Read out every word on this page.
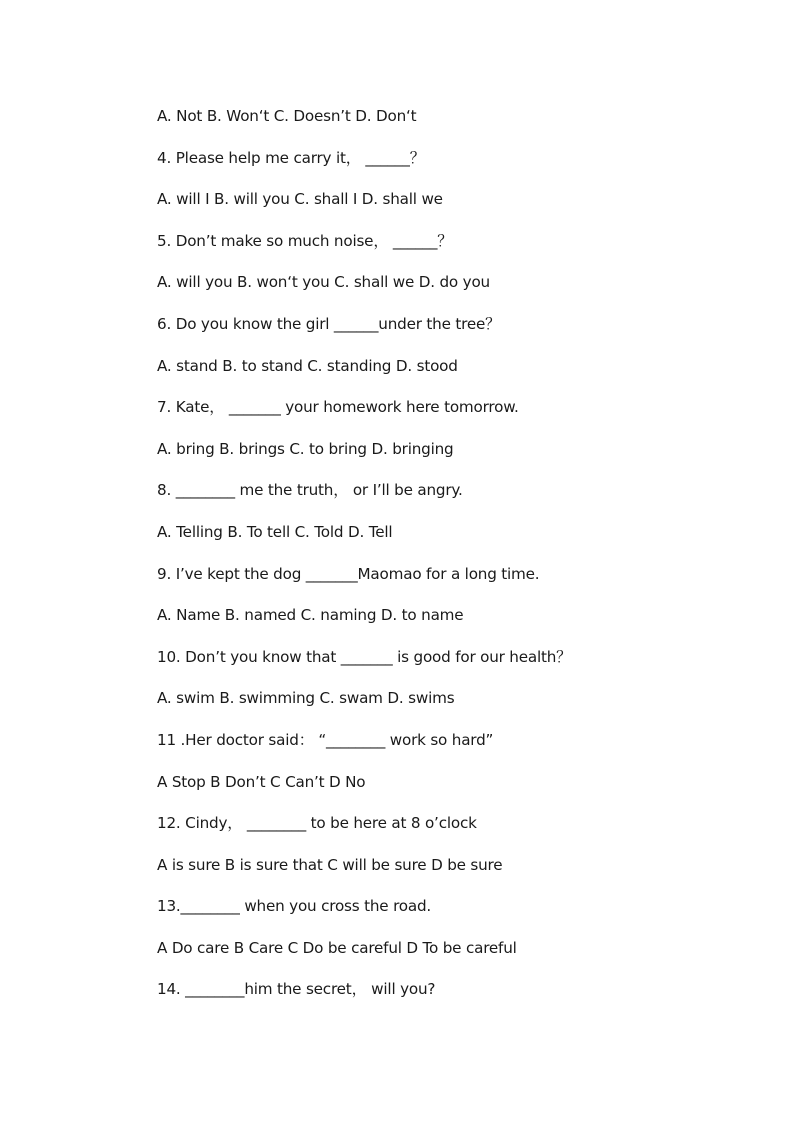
A. Not B. Won‘t C. Doesn’t D. Don‘t
4. Please help me carry it， ______？
A. will I B. will you C. shall I D. shall we
5. Don’t make so much noise， ______？
A. will you B. won‘t you C. shall we D. do you
6. Do you know the girl ______under the tree？
A. stand B. to stand C. standing D. stood
7. Kate， _______ your homework here tomorrow.
A. bring B. brings C. to bring D. bringing
8. ________ me the truth， or I’ll be angry.
A. Telling B. To tell C. Told D. Tell
9. I’ve kept the dog _______Maomao for a long time.
A. Name B. named C. naming D. to name
10. Don’t you know that _______ is good for our health？
A. swim B. swimming C. swam D. swims
11 .Her doctor said： “________ work so hard”
A Stop B Don’t C Can’t D No
12. Cindy， ________ to be here at 8 o’clock
A is sure B is sure that C will be sure D be sure
13.________ when you cross the road.
A Do care B Care C Do be careful D To be careful
14. ________him the secret， will you?
